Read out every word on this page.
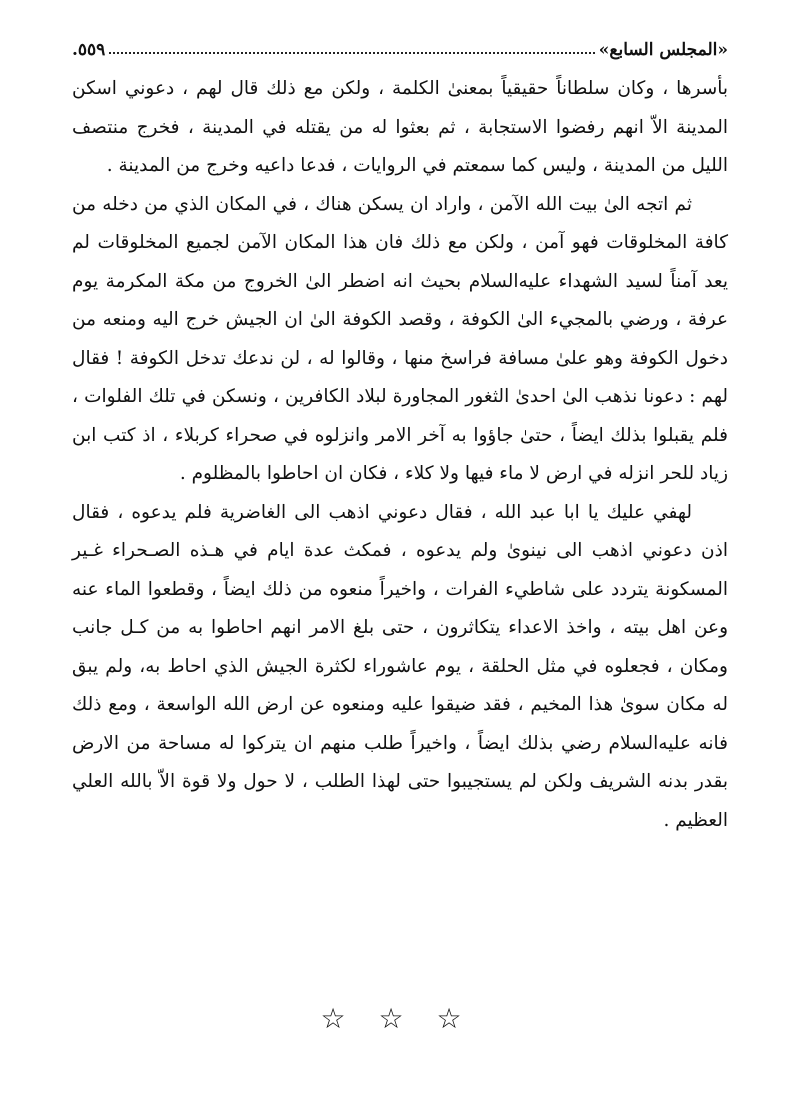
«المجلس السابع»
٥٥٩.

بأسرها ، وكان سلطاناً حقيقياً بمعنىٰ الكلمة ، ولكن مع ذلك قال لهم ، دعوني اسكن المدينة الاّ انهم رفضوا الاستجابة ، ثم بعثوا له من يقتله في المدينة ، فخرج منتصف الليل من المدينة ، وليس كما سمعتم في الروايات ، فدعا داعيه وخرج من المدينة .

ثم اتجه الىٰ بيت الله الآمن ، واراد ان يسكن هناك ، في المكان الذي من دخله من كافة المخلوقات فهو آمن ، ولكن مع ذلك فان هذا المكان الآمن لجميع المخلوقات لم يعد آمناً لسيد الشهداء عليه‌السلام بحيث انه اضطر الىٰ الخروج من مكة المكرمة يوم عرفة ، ورضي بالمجيء الىٰ الكوفة ، وقصد الكوفة الىٰ ان الجيش خرج اليه ومنعه من دخول الكوفة وهو علىٰ مسافة فراسخ منها ، وقالوا له ، لن ندعك تدخل الكوفة ! فقال لهم : دعونا نذهب الىٰ احدىٰ الثغور المجاورة لبلاد الكافرين ، ونسكن في تلك الفلوات ، فلم يقبلوا بذلك ايضاً ، حتىٰ جاؤوا به آخر الامر وانزلوه في صحراء كربلاء ، اذ كتب ابن زياد للحر انزله في ارض لا ماء فيها ولا كلاء ، فكان ان احاطوا بالمظلوم .

لهفي عليك يا ابا عبد الله ، فقال دعوني اذهب الى الغاضرية فلم يدعوه ، فقال اذن دعوني اذهب الى نينوىٰ ولم يدعوه ، فمكث عدة ايام في هـذه الصـحراء غـير المسكونة يتردد على شاطيء الفرات ، واخيراً منعوه من ذلك ايضاً ، وقطعوا الماء عنه وعن اهل بيته ، واخذ الاعداء يتكاثرون ، حتى بلغ الامر انهم احاطوا به من كـل جانب ومكان ، فجعلوه في مثل الحلقة ، يوم عاشوراء لكثرة الجيش الذي احاط به، ولم يبق له مكان سوىٰ هذا المخيم ، فقد ضيقوا عليه ومنعوه عن ارض الله الواسعة ، ومع ذلك فانه عليه‌السلام رضي بذلك ايضاً ، واخيراً طلب منهم ان يتركوا له مساحة من الارض بقدر بدنه الشريف ولكن لم يستجيبوا حتى لهذا الطلب ، لا حول ولا قوة الاّ بالله العلي العظيم .

☆ ☆ ☆
